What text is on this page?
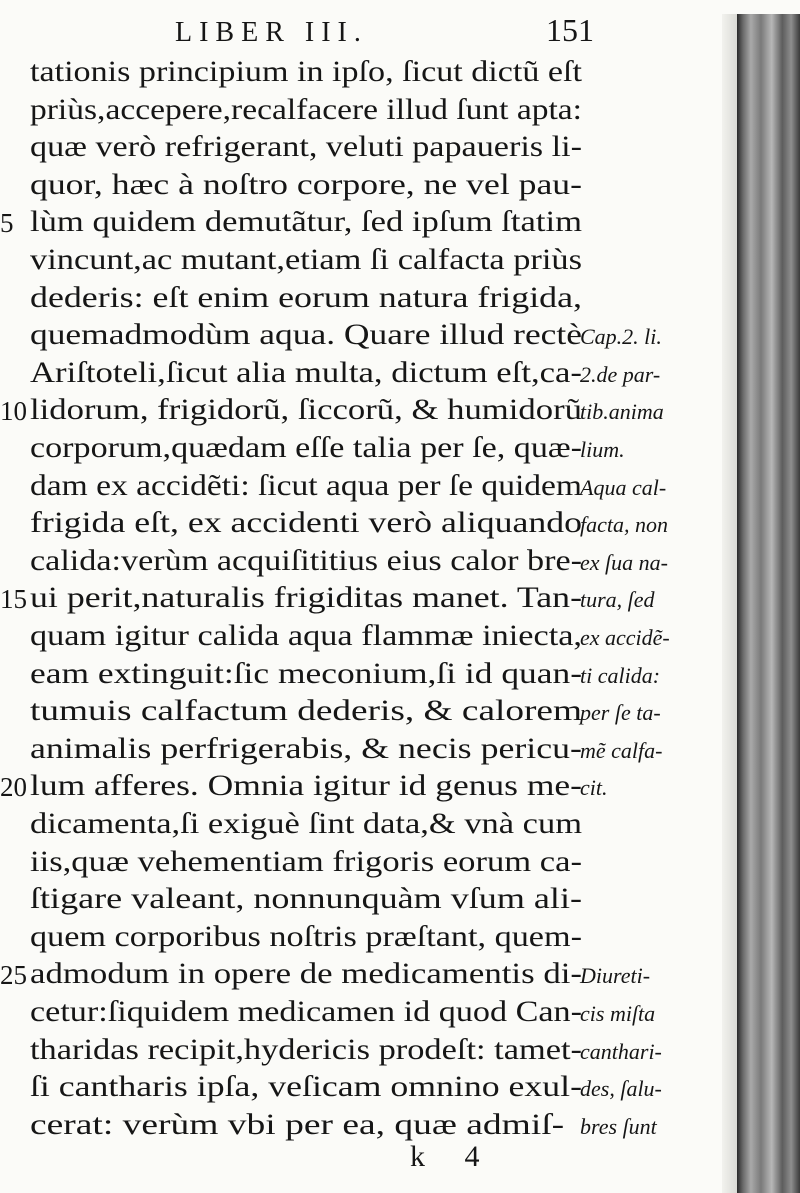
LIBER III.	151
tationis principium in ipſo, ſicut dictũ eſt
priùs,accepere,recalfacere illud ſunt apta:
quæ verò refrigerant, veluti papaueris li-
quor, hæc à noſtro corpore, ne vel pau-
lùm quidem demutãtur, ſed ipſum ſtatim
vincunt,ac mutant,etiam ſi calfacta priùs
dederis: eſt enim eorum natura frigida,
quemadmodùm aqua. Quare illud rectè
Ariſtoteli,ſicut alia multa, dictum eſt,ca-
lidorum, frigidorũ, ſiccorũ, & humidorũ
corporum,quædam eſſe talia per ſe, quæ-
dam ex accidẽti: ſicut aqua per ſe quidem
frigida eſt, ex accidenti verò aliquando
calida:verùm acquiſititius eius calor bre-
ui perit,naturalis frigiditas manet. Tan-
quam igitur calida aqua flammæ iniecta,
eam extinguit:ſic meconium,ſi id quan-
tumuis calfactum dederis, & calorem
animalis perfrigerabis, & necis pericu-
lum afferes. Omnia igitur id genus me-
dicamenta,ſi exiguè ſint data,& vnà cum
iis,quæ vehementiam frigoris eorum ca-
ſtigare valeant, nonnunquàm vſum ali-
quem corporibus noſtris præſtant, quem-
admodum in opere de medicamentis di-
cetur:ſiquidem medicamen id quod Can-
tharidas recipit,hydericis prodeſt: tamet-
ſi cantharis ipſa, veſicam omnino exul-
cerat: verùm vbi per ea, quæ admiſ-
5
10
15
20
25
Cap.2. li.
2.de par-
tib.anima
lium.
Aqua cal-
facta, non
ex ſua na-
tura, ſed
ex accidẽ-
ti calida:
per ſe ta-
mẽ calfa-
cit.
Diureti-
cis miſta
canthari-
des, ſalu-
bres ſunt
k 4
